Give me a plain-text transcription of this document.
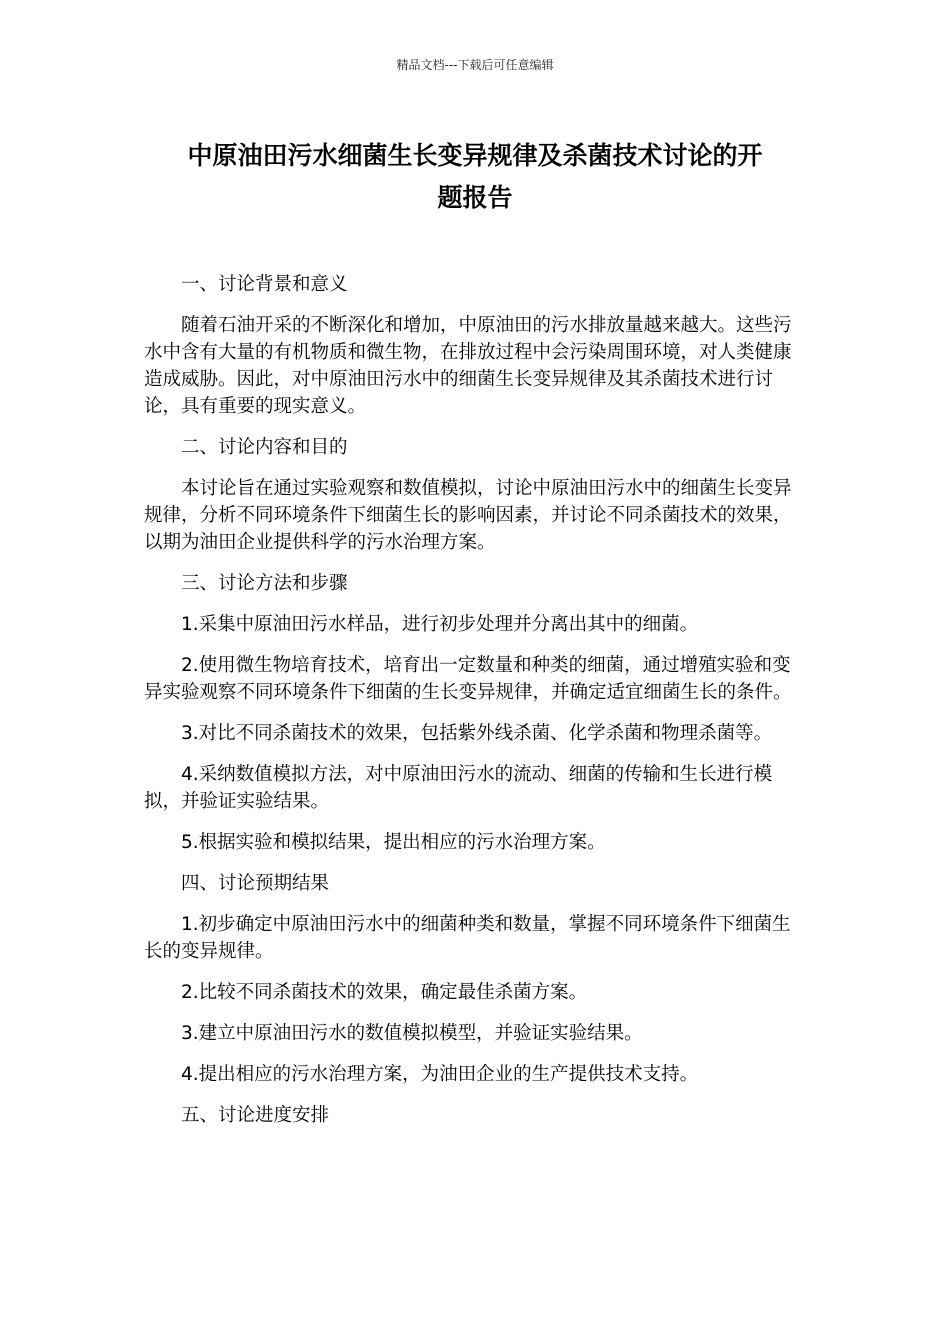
精品文档---下载后可任意编辑
中原油田污水细菌生长变异规律及杀菌技术讨论的开
题报告

一、讨论背景和意义

随着石油开采的不断深化和增加，中原油田的污水排放量越来越大。这些污水中含有大量的有机物质和微生物，在排放过程中会污染周围环境，对人类健康造成威胁。因此，对中原油田污水中的细菌生长变异规律及其杀菌技术进行讨论，具有重要的现实意义。

二、讨论内容和目的

本讨论旨在通过实验观察和数值模拟，讨论中原油田污水中的细菌生长变异规律，分析不同环境条件下细菌生长的影响因素，并讨论不同杀菌技术的效果，以期为油田企业提供科学的污水治理方案。

三、讨论方法和步骤

1.采集中原油田污水样品，进行初步处理并分离出其中的细菌。

2.使用微生物培育技术，培育出一定数量和种类的细菌，通过增殖实验和变异实验观察不同环境条件下细菌的生长变异规律，并确定适宜细菌生长的条件。

3.对比不同杀菌技术的效果，包括紫外线杀菌、化学杀菌和物理杀菌等。

4.采纳数值模拟方法，对中原油田污水的流动、细菌的传输和生长进行模拟，并验证实验结果。

5.根据实验和模拟结果，提出相应的污水治理方案。

四、讨论预期结果

1.初步确定中原油田污水中的细菌种类和数量，掌握不同环境条件下细菌生长的变异规律。

2.比较不同杀菌技术的效果，确定最佳杀菌方案。

3.建立中原油田污水的数值模拟模型，并验证实验结果。

4.提出相应的污水治理方案，为油田企业的生产提供技术支持。

五、讨论进度安排
